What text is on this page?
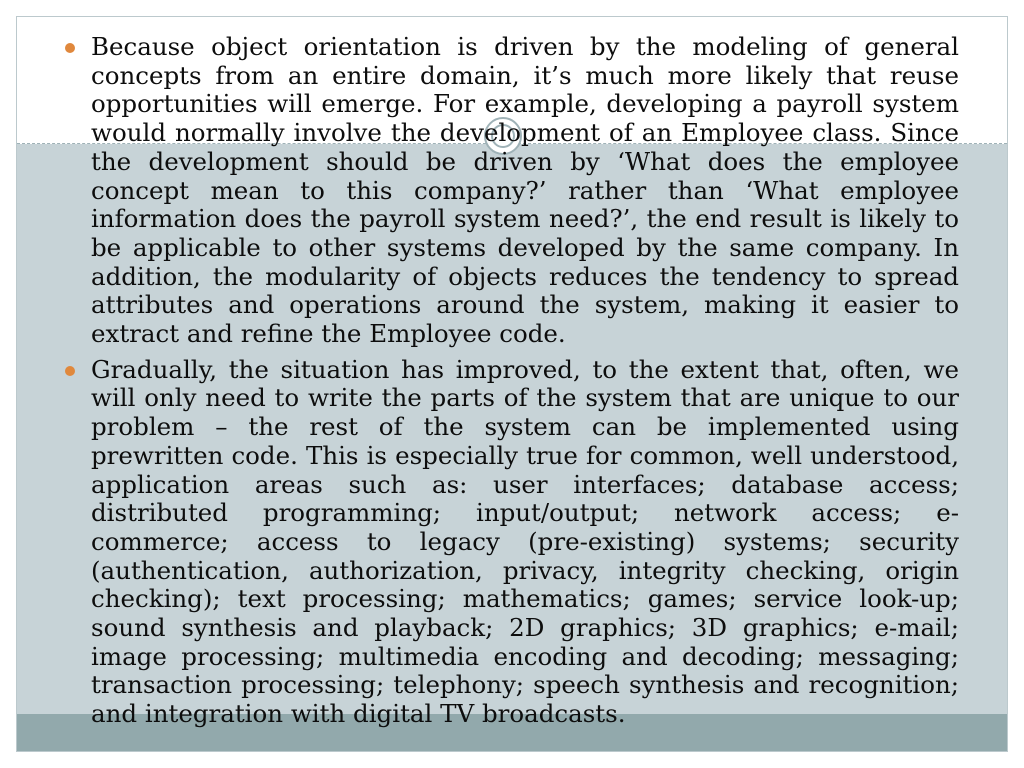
Because object orientation is driven by the modeling of general concepts from an entire domain, it’s much more likely that reuse opportunities will emerge. For example, developing a payroll system would normally involve the development of an Employee class. Since the development should be driven by ‘What does the employee concept mean to this company?’ rather than ‘What employee information does the payroll system need?’, the end result is likely to be applicable to other systems developed by the same company. In addition, the modularity of objects reduces the tendency to spread attributes and operations around the system, making it easier to extract and refine the Employee code.

Gradually, the situation has improved, to the extent that, often, we will only need to write the parts of the system that are unique to our problem – the rest of the system can be implemented using prewritten code. This is especially true for common, well understood, application areas such as: user interfaces; database access; distributed programming; input/output; network access; e-commerce; access to legacy (pre-existing) systems; security (authentication, authorization, privacy, integrity checking, origin checking); text processing; mathematics; games; service look-up; sound synthesis and playback; 2D graphics; 3D graphics; e-mail; image processing; multimedia encoding and decoding; messaging; transaction processing; telephony; speech synthesis and recognition; and integration with digital TV broadcasts.
